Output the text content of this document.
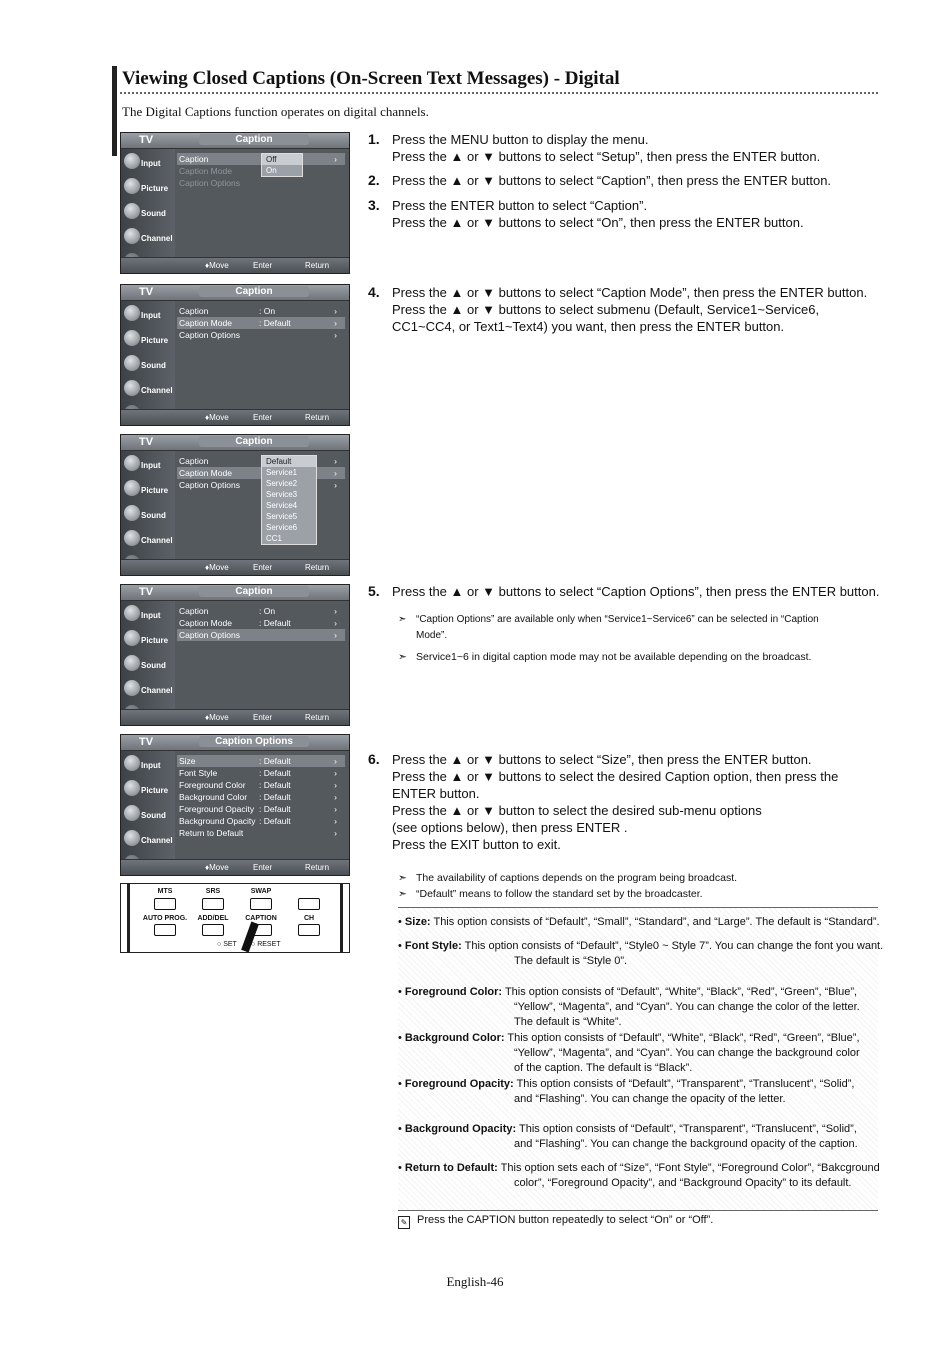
Viewing Closed Captions (On-Screen Text Messages) - Digital
The Digital Captions function operates on digital channels.
TV	Caption
Input
Picture
Sound
Channel
Caption	›
Caption Mode
Caption Options
Off
On
♦Move	Enter	Return
TV	Caption
Input
Picture
Sound
Channel
Caption	: On	›
Caption Mode	: Default	›
Caption Options	›
♦Move	Enter	Return
TV	Caption
Input
Picture
Sound
Channel
Caption	›
Caption Mode	›
Caption Options	›
Default
Service1
Service2
Service3
Service4
Service5
Service6
CC1
♦Move	Enter	Return
TV	Caption
Input
Picture
Sound
Channel
Caption	: On	›
Caption Mode	: Default	›
Caption Options	›
♦Move	Enter	Return
TV	Caption Options
Input
Picture
Sound
Channel
Size	: Default	›
Font Style	: Default	›
Foreground Color : Default	›
Background Color : Default	›
Foreground Opacity : Default	›
Background Opacity : Default	›
Return to Default	›
♦Move	Enter	Return
MTS	SRS	SWAP
AUTO PROG. ADD/DEL CAPTION	CH
○ SET ○ RESET
1. Press the MENU button to display the menu.
Press the ▲ or ▼ buttons to select “Setup”, then press the ENTER button.
2. Press the ▲ or ▼ buttons to select “Caption”, then press the ENTER button.
3. Press the ENTER button to select “Caption”.
Press the ▲ or ▼ buttons to select “On”, then press the ENTER button.
4. Press the ▲ or ▼ buttons to select “Caption Mode”, then press the ENTER button.
Press the ▲ or ▼ buttons to select submenu (Default, Service1~Service6,
CC1~CC4, or Text1~Text4) you want, then press the ENTER button.
5. Press the ▲ or ▼ buttons to select “Caption Options”, then press the ENTER button.
6. Press the ▲ or ▼ buttons to select “Size”, then press the ENTER button.
Press the ▲ or ▼ buttons to select the desired Caption option, then press the
ENTER button.
Press the ▲ or ▼ button to select the desired sub-menu options
(see options below), then press ENTER .
Press the EXIT button to exit.
➣ “Caption Options” are available only when “Service1~Service6” can be selected in “Caption
Mode”.
➣ Service1~6 in digital caption mode may not be available depending on the broadcast.
➣ The availability of captions depends on the program being broadcast.
➣ “Default” means to follow the standard set by the broadcaster.
• Size: This option consists of “Default”, “Small”, “Standard”, and “Large”. The default is “Standard”.
• Font Style: This option consists of “Default”, “Style0 ~ Style 7”. You can change the font you want.
The default is “Style 0”.
• Foreground Color: This option consists of “Default”, “White”, “Black”, “Red”, “Green”, “Blue”,
“Yellow”, “Magenta”, and “Cyan”. You can change the color of the letter.
The default is “White”.
• Background Color: This option consists of “Default”, “White”, “Black”, “Red”, “Green”, “Blue”,
“Yellow”, “Magenta”, and “Cyan”. You can change the background color
of the caption. The default is “Black”.
• Foreground Opacity: This option consists of “Default”, “Transparent”, “Translucent”, “Solid”,
and “Flashing”. You can change the opacity of the letter.
• Background Opacity: This option consists of “Default”, “Transparent”, “Translucent”, “Solid”,
and “Flashing”. You can change the background opacity of the caption.
• Return to Default: This option sets each of “Size”, “Font Style”, “Foreground Color”, “Bakcground
color”, “Foreground Opacity”, and “Background Opacity” to its default.
✎ Press the CAPTION button repeatedly to select “On” or “Off”.
English-46
